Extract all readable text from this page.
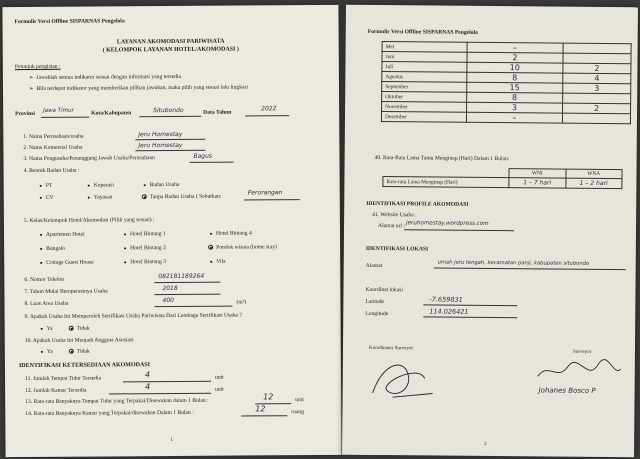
Formulir Versi Offline SISPARNAS Pengelola
LAYANAN AKOMODASI PARIWISATA
( KELOMPOK LAYANAN HOTEL/AKOMODASI )
Petunjuk pengisian :
➢  Jawablah semua indikator sesuai dengan informasi yang tersedia
➢  Bila terdapat indikator yang memberikan pilihan jawaban, maka pilih yang sesuai lalu lingkari
Provinsi
Jawa Timur	Kota/Kabupaten	Situbondo	Data Tahun
2022
1. Nama Perusahaan/usaha	Jeru Homestay
2. Nama Komersial Usaha	Jeru Homestay
3. Nama Pengusaha/Penanggung Jawab Usaha/Perusahaan	Bagus
4. Bentuk Badan Usaha :
PT	Koperasi	Badan Usaha
CV	Yayasan	Tanpa Badan Usaha ( Sebutkan:
Perorangan
5. Kelas/Kelompok Hotel/Akomodasi (Pilih yang sesuai) :
Apartemen Hotel	Hotel Bintang 1	Hotel Bintang 4
Bungalo	Hotel Bintang 2	Pondok wisata (home stay)
Cottage Guest House	Hotel Bintang 3	Vila
6. Nomor Telefon	082181189264
7. Tahun Mulai Beroperasinya Usaha	2018
8. Luas Area Usaha	400	(m²)
9. Apakah Usaha Ini Memperoleh Sertifikasi Usaha Pariwisata Dari Lembaga Sertifikasi Usaha ?
Ya	Tidak
10. Apakah Usaha Ini Menjadi Anggota Asosiasi
Ya	Tidak
IDENTIFIKASI KETERSEDIAAN AKOMODASI
11. Jumlah Tempat Tidur Tersedia	4	unit
12. Jumlah Kamar Tersedia	4	unit
13. Rata-rata Banyaknya Tempat Tidur yang Terpakai/Disewakan dalam 1 Bulan :
12	unit
14. Rata-rata Banyaknya Kamar yang Terpakai/disewakan Dalam 1 Bulan :
12	ruang
1
Formulir Versi Offline SISPARNAS Pengelola
Mei	–	
Juni	2	
Juli	10	2
Agustus	8	4
September	15	3
Oktober	8	
November	3	2
Desember	–	
40. Rata-Rata Lama Tamu Menginap (Hari) Dalam 1 Bulan:
	WNI	WNA
Rata-rata Lama Menginap (Hari)	1 – 7 hari	1 – 2 hari
IDENTIFIKASI PROFILE AKOMODASI
41. Website Usaha :
Alamat url : jeruhomestay.wordpress.com
IDENTIFIKASI LOKASI
Alamat	umah jeru tengah, kecamatan panji, kabupaten situbondo
Koordinat lokasi
Latitude	-7.659831
Longitude	114.026421
Koordinator Surveyor
Surveyor
Johanes Bosco P
2
